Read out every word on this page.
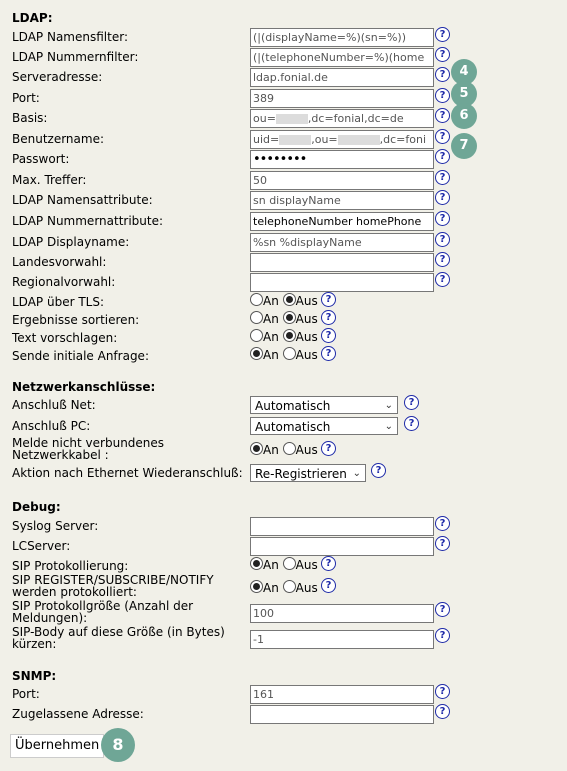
LDAP:
LDAP Namensfilter:	(|(displayName=%)(sn=%))	?
LDAP Nummernfilter:	(|(telephoneNumber=%)(home	?
Serveradresse:	ldap.fonial.de	?
Port:	389	?
Basis:	ou=	,dc=fonial,dc=de	?
Benutzername:	uid=	,ou=	,dc=foni	?
Passwort:	••••••••	?
Max. Treffer:	50	?
LDAP Namensattribute:	sn displayName	?
LDAP Nummernattribute:	telephoneNumber homePhone	?
LDAP Displayname:	%sn %displayName	?
Landesvorwahl:	?
Regionalvorwahl:	?
LDAP über TLS:	An Aus ?
Ergebnisse sortieren:	An Aus ?
Text vorschlagen:	An Aus ?
Sende initiale Anfrage:	An Aus ?
Netzwerkanschlüsse:
Anschluß Net:	Automatisch	⌄	?
Anschluß PC:	Automatisch	⌄	?
Melde nicht verbundenes Netzwerkkabel :	An Aus ?
Aktion nach Ethernet Wiederanschluß:	Re-Registrieren ⌄	?
Debug:
Syslog Server:	?
LCServer:	?
SIP Protokollierung:	An Aus ?
SIP REGISTER/SUBSCRIBE/NOTIFY werden protokolliert:	An Aus ?
SIP Protokollgröße (Anzahl der Meldungen):	100	?
SIP-Body auf diese Größe (in Bytes) kürzen:	-1	?
SNMP:
Port:	161	?
Zugelassene Adresse:	?
Übernehmen
4
5
6
7
8
